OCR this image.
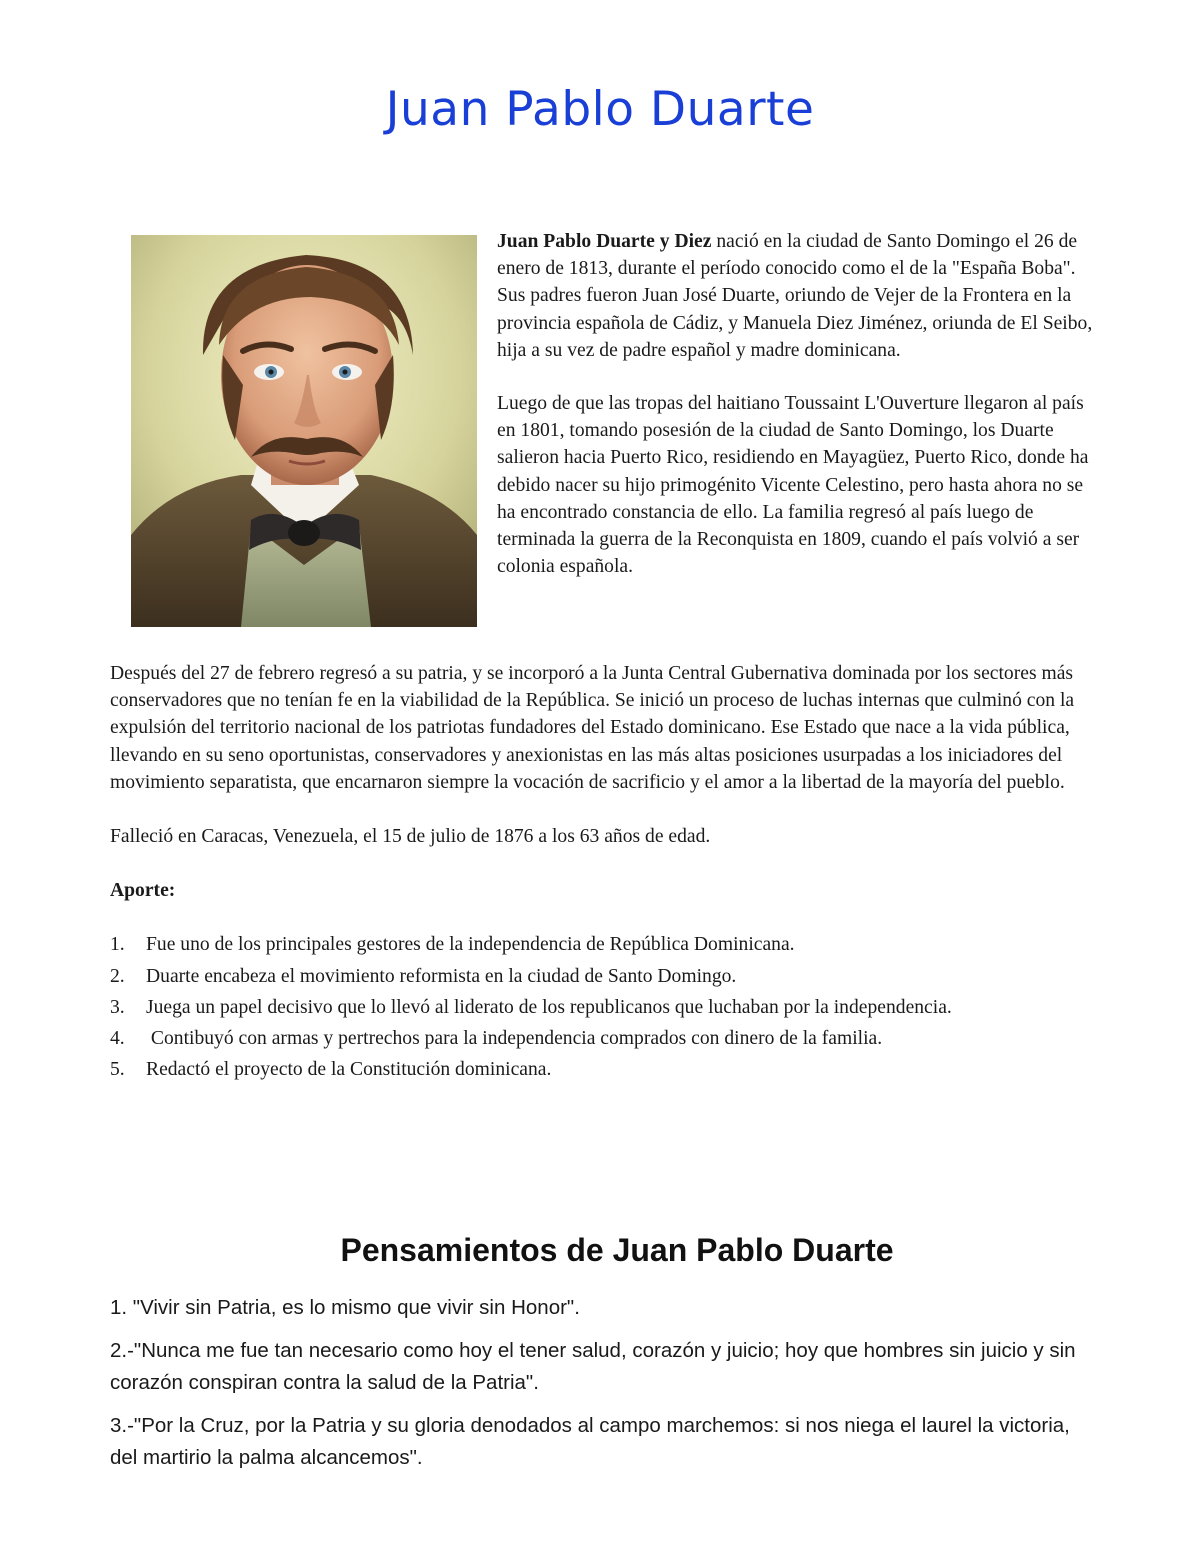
Juan Pablo Duarte

Juan Pablo Duarte y Diez nació en la ciudad de Santo Domingo el 26 de enero de 1813, durante el período conocido como el de la "España Boba". Sus padres fueron Juan José Duarte, oriundo de Vejer de la Frontera en la provincia española de Cádiz, y Manuela Diez Jiménez, oriunda de El Seibo, hija a su vez de padre español y madre dominicana.

Luego de que las tropas del haitiano Toussaint L'Ouverture llegaron al país en 1801, tomando posesión de la ciudad de Santo Domingo, los Duarte salieron hacia Puerto Rico, residiendo en Mayagüez, Puerto Rico, donde ha debido nacer su hijo primogénito Vicente Celestino, pero hasta ahora no se ha encontrado constancia de ello. La familia regresó al país luego de terminada la guerra de la Reconquista en 1809, cuando el país volvió a ser colonia española.

Después del 27 de febrero regresó a su patria, y se incorporó a la Junta Central Gubernativa dominada por los sectores más conservadores que no tenían fe en la viabilidad de la República. Se inició un proceso de luchas internas que culminó con la expulsión del territorio nacional de los patriotas fundadores del Estado dominicano. Ese Estado que nace a la vida pública, llevando en su seno oportunistas, conservadores y anexionistas en las más altas posiciones usurpadas a los iniciadores del movimiento separatista, que encarnaron siempre la vocación de sacrificio y el amor a la libertad de la mayoría del pueblo.

Falleció en Caracas, Venezuela, el 15 de julio de 1876 a los 63 años de edad.

Aporte:

1. Fue uno de los principales gestores de la independencia de República Dominicana.
2. Duarte encabeza el movimiento reformista en la ciudad de Santo Domingo.
3. Juega un papel decisivo que lo llevó al liderato de los republicanos que luchaban por la independencia.
4. Contibuyó con armas y pertrechos para la independencia comprados con dinero de la familia.
5. Redactó el proyecto de la Constitución dominicana.
Pensamientos de Juan Pablo Duarte

1. "Vivir sin Patria, es lo mismo que vivir sin Honor".

2.-"Nunca me fue tan necesario como hoy el tener salud, corazón y juicio; hoy que hombres sin juicio y sin corazón conspiran contra la salud de la Patria".

3.-"Por la Cruz, por la Patria y su gloria denodados al campo marchemos: si nos niega el laurel la victoria, del martirio la palma alcancemos".
